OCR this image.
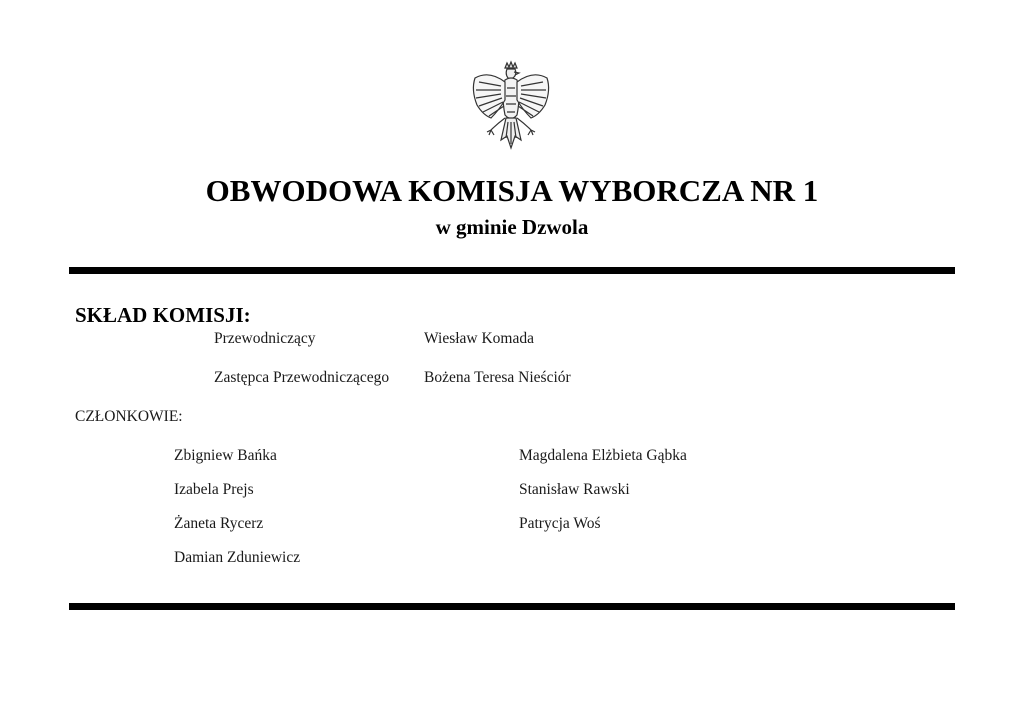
OBWODOWA KOMISJA WYBORCZA NR 1
w gminie Dzwola
SKŁAD KOMISJI:
Przewodniczący	Wiesław Komada
Zastępca Przewodniczącego Bożena Teresa Nieściór
CZŁONKOWIE:
Zbigniew Bańka
Izabela Prejs
Żaneta Rycerz
Damian Zduniewicz
Magdalena Elżbieta Gąbka
Stanisław Rawski
Patrycja Woś
